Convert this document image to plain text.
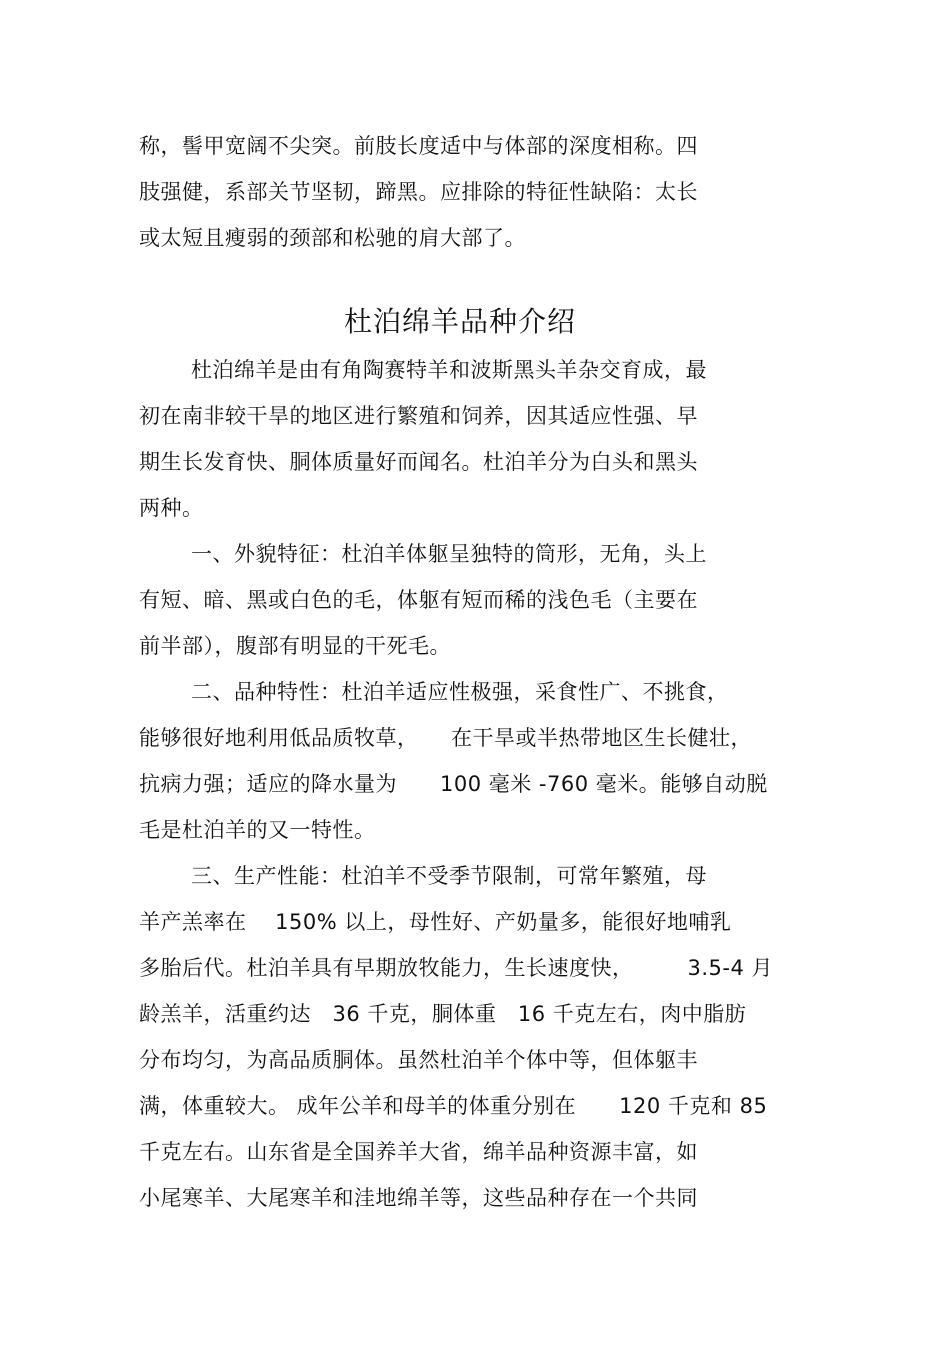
称，髻甲宽阔不尖突。前肢长度适中与体部的深度相称。四
肢强健，系部关节坚韧，蹄黑。应排除的特征性缺陷：太长
或太短且瘦弱的颈部和松驰的肩大部了。
杜泊绵羊品种介绍
杜泊绵羊是由有角陶赛特羊和波斯黑头羊杂交育成，最
初在南非较干旱的地区进行繁殖和饲养，因其适应性强、早
期生长发育快、胴体质量好而闻名。杜泊羊分为白头和黑头
两种。
一、外貌特征：杜泊羊体躯呈独特的筒形，无角，头上
有短、暗、黑或白色的毛，体躯有短而稀的浅色毛（主要在
前半部），腹部有明显的干死毛。
二、品种特性：杜泊羊适应性极强，采食性广、不挑食，
能够很好地利用低品质牧草，　　在干旱或半热带地区生长健壮，
抗病力强；适应的降水量为　　100 毫米 -760 毫米。能够自动脱
毛是杜泊羊的又一特性。
三、生产性能：杜泊羊不受季节限制，可常年繁殖，母
羊产羔率在　 150% 以上，母性好、产奶量多，能很好地哺乳
多胎后代。杜泊羊具有早期放牧能力，生长速度快，　　　3.5-4 月
龄羔羊，活重约达　36 千克，胴体重　16 千克左右，肉中脂肪
分布均匀，为高品质胴体。虽然杜泊羊个体中等，但体躯丰
满，体重较大。 成年公羊和母羊的体重分别在　　120 千克和 85
千克左右。山东省是全国养羊大省，绵羊品种资源丰富，如
小尾寒羊、大尾寒羊和洼地绵羊等，这些品种存在一个共同
